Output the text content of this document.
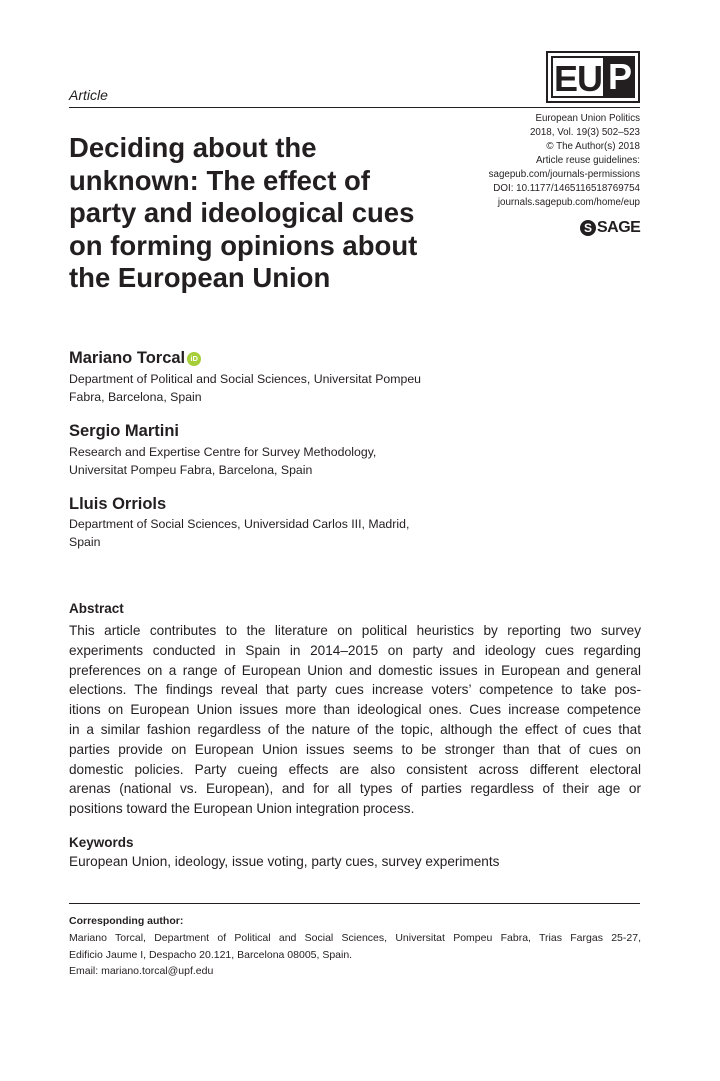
EU P
Article
European Union Politics
2018, Vol. 19(3) 502–523
© The Author(s) 2018
Article reuse guidelines:
sagepub.com/journals-permissions
DOI: 10.1177/1465116518769754
journals.sagepub.com/home/eup
S SAGE
Deciding about the
unknown: The effect of
party and ideological cues
on forming opinions about
the European Union
Mariano Torcal iD
Department of Political and Social Sciences, Universitat Pompeu
Fabra, Barcelona, Spain
Sergio Martini
Research and Expertise Centre for Survey Methodology,
Universitat Pompeu Fabra, Barcelona, Spain
Lluis Orriols
Department of Social Sciences, Universidad Carlos III, Madrid,
Spain
Abstract
This article contributes to the literature on political heuristics by reporting two survey
experiments conducted in Spain in 2014–2015 on party and ideology cues regarding
preferences on a range of European Union and domestic issues in European and general
elections. The findings reveal that party cues increase voters’ competence to take pos-
itions on European Union issues more than ideological ones. Cues increase competence
in a similar fashion regardless of the nature of the topic, although the effect of cues that
parties provide on European Union issues seems to be stronger than that of cues on
domestic policies. Party cueing effects are also consistent across different electoral
arenas (national vs. European), and for all types of parties regardless of their age or
positions toward the European Union integration process.
Keywords
European Union, ideology, issue voting, party cues, survey experiments
Corresponding author:
Mariano Torcal, Department of Political and Social Sciences, Universitat Pompeu Fabra, Trias Fargas 25-27,
Edificio Jaume I, Despacho 20.121, Barcelona 08005, Spain.
Email: mariano.torcal@upf.edu
